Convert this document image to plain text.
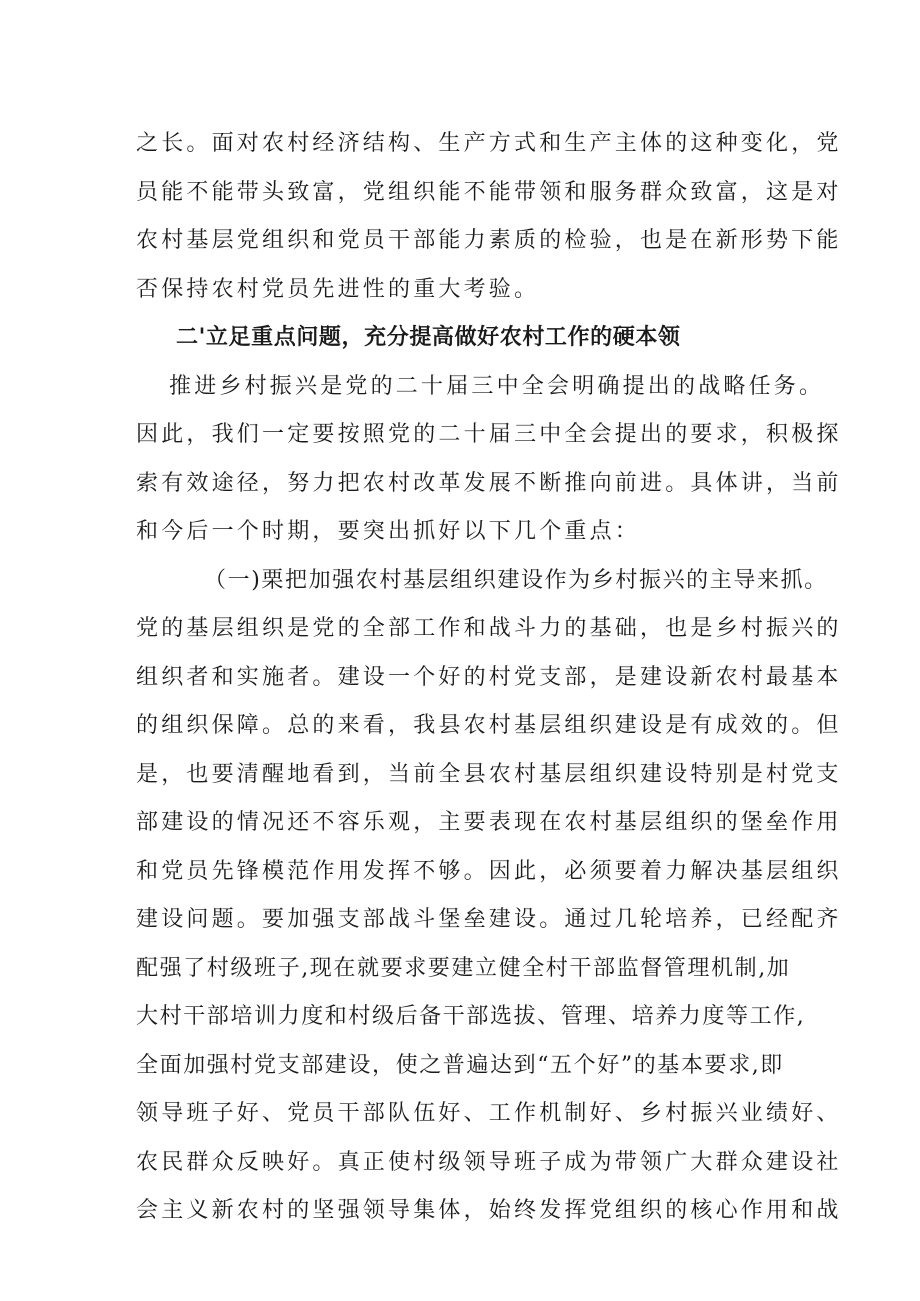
之长。面对农村经济结构、生产方式和生产主体的这种变化，党
员能不能带头致富，党组织能不能带领和服务群众致富，这是对
农村基层党组织和党员干部能力素质的检验，也是在新形势下能
否保持农村党员先进性的重大考验。
二'立足重点问题，充分提高做好农村工作的硬本领
推进乡村振兴是党的二十届三中全会明确提出的战略任务。
因此，我们一定要按照党的二十届三中全会提出的要求，积极探
索有效途径，努力把农村改革发展不断推向前进。具体讲，当前
和今后一个时期，要突出抓好以下几个重点：
（一)栗把加强农村基层组织建设作为乡村振兴的主导来抓。
党的基层组织是党的全部工作和战斗力的基础，也是乡村振兴的
组织者和实施者。建设一个好的村党支部，是建设新农村最基本
的组织保障。总的来看，我县农村基层组织建设是有成效的。但
是，也要清醒地看到，当前全县农村基层组织建设特别是村党支
部建设的情况还不容乐观，主要表现在农村基层组织的堡垒作用
和党员先锋模范作用发挥不够。因此，必须要着力解决基层组织
建设问题。要加强支部战斗堡垒建设。通过几轮培养，已经配齐
配强了村级班子,现在就要求要建立健全村干部监督管理机制,加
大村干部培训力度和村级后备干部选拔、管理、培养力度等工作,
全面加强村党支部建设，使之普遍达到“五个好”的基本要求,即
领导班子好、党员干部队伍好、工作机制好、乡村振兴业绩好、
农民群众反映好。真正使村级领导班子成为带领广大群众建设社
会主义新农村的坚强领导集体，始终发挥党组织的核心作用和战
